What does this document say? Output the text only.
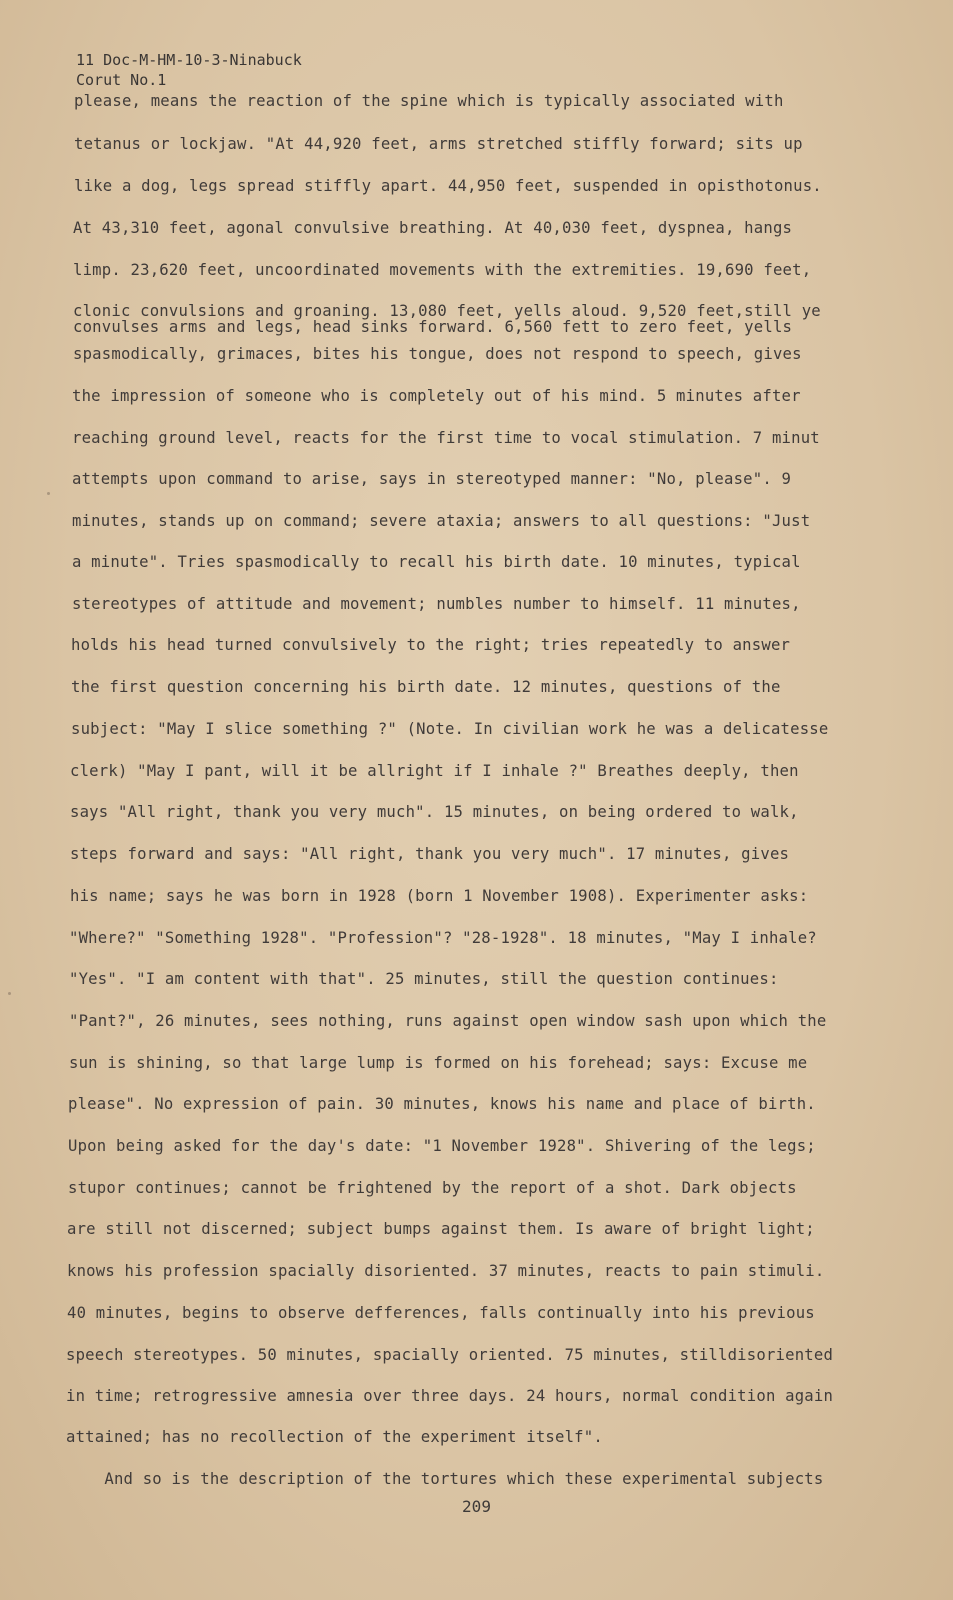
11 Doc-M-HM-10-3-Ninabuck
Corut No.1
please, means the reaction of the spine which is typically associated with
tetanus or lockjaw. "At 44,920 feet, arms stretched stiffly forward; sits up
like a dog, legs spread stiffly apart. 44,950 feet, suspended in opisthotonus.
At 43,310 feet, agonal convulsive breathing. At 40,030 feet, dyspnea, hangs
limp. 23,620 feet, uncoordinated movements with the extremities. 19,690 feet,
clonic convulsions and groaning. 13,080 feet, yells aloud. 9,520 feet,still ye
convulses arms and legs, head sinks forward. 6,560 fett to zero feet, yells
spasmodically, grimaces, bites his tongue, does not respond to speech, gives
the impression of someone who is completely out of his mind. 5 minutes after
reaching ground level, reacts for the first time to vocal stimulation. 7 minut
attempts upon command to arise, says in stereotyped manner: "No, please". 9
minutes, stands up on command; severe ataxia; answers to all questions: "Just
a minute". Tries spasmodically to recall his birth date. 10 minutes, typical
stereotypes of attitude and movement; numbles number to himself. 11 minutes,
holds his head turned convulsively to the right; tries repeatedly to answer
the first question concerning his birth date. 12 minutes, questions of the
subject: "May I slice something ?" (Note. In civilian work he was a delicatesse
clerk) "May I pant, will it be allright if I inhale ?" Breathes deeply, then
says "All right, thank you very much". 15 minutes, on being ordered to walk,
steps forward and says: "All right, thank you very much". 17 minutes, gives
his name; says he was born in 1928 (born 1 November 1908). Experimenter asks:
"Where?" "Something 1928". "Profession"? "28-1928". 18 minutes, "May I inhale?
"Yes". "I am content with that". 25 minutes, still the question continues:
"Pant?", 26 minutes, sees nothing, runs against open window sash upon which the
sun is shining, so that large lump is formed on his forehead; says: Excuse me
please". No expression of pain. 30 minutes, knows his name and place of birth.
Upon being asked for the day's date: "1 November 1928". Shivering of the legs;
stupor continues; cannot be frightened by the report of a shot. Dark objects
are still not discerned; subject bumps against them. Is aware of bright light;
knows his profession spacially disoriented. 37 minutes, reacts to pain stimuli.
40 minutes, begins to observe defferences, falls continually into his previous
speech stereotypes. 50 minutes, spacially oriented. 75 minutes, stilldisoriented
in time; retrogressive amnesia over three days. 24 hours, normal condition again
attained; has no recollection of the experiment itself".
And so is the description of the tortures which these experimental subjects
209
